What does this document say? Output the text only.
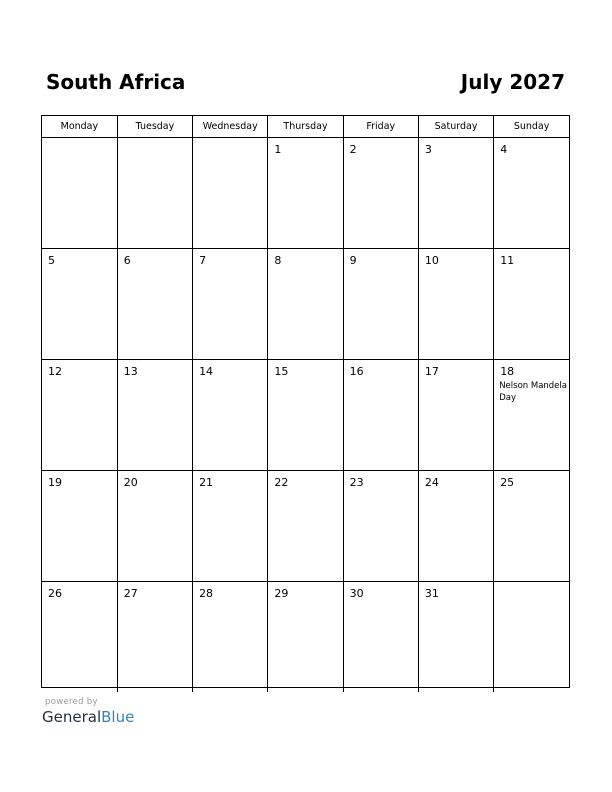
South Africa	July 2027
Monday	Tuesday	Wednesday	Thursday	Friday	Saturday	Sunday

			1	2	3	4

5	6	7	8	9	10	11

12	13	14	15	16	17	18
Nelson Mandela Day

19	20	21	22	23	24	25

26	27	28	29	30	31	

powered by
GeneralBlue
